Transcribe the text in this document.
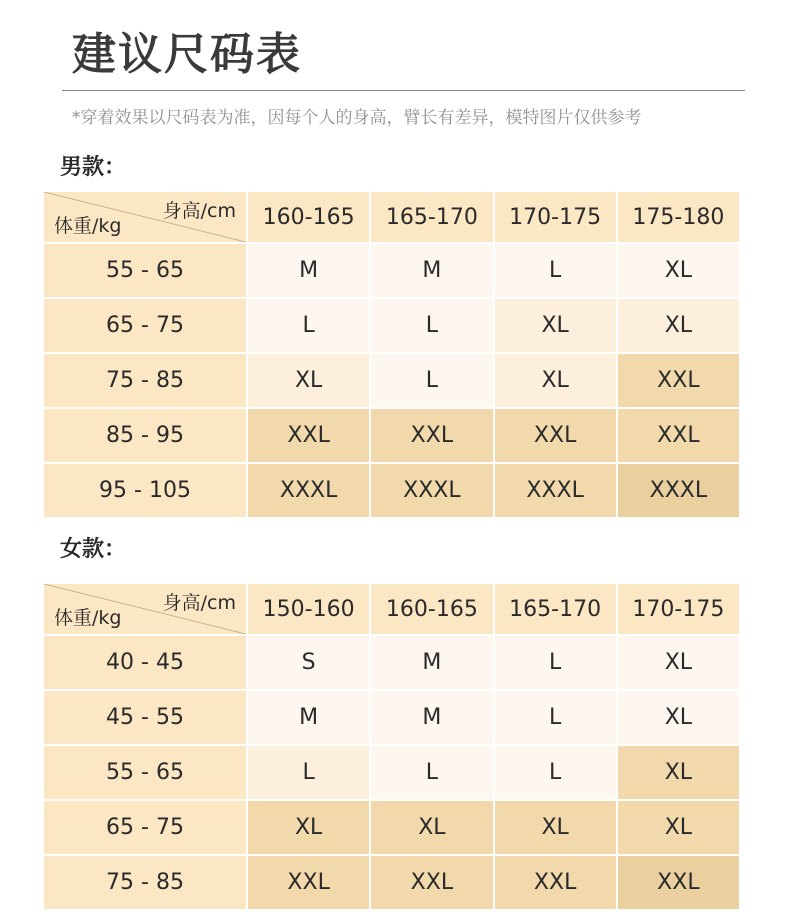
建议尺码表
*穿着效果以尺码表为准，因每个人的身高，臂长有差异，模特图片仅供参考
男款：
身高/cm
体重/kg	160-165	165-170	170-175	175-180
55 - 65	M	M	L	XL
65 - 75	L	L	XL	XL
75 - 85	XL	L	XL	XXL
85 - 95	XXL	XXL	XXL	XXL
95 - 105	XXXL	XXXL	XXXL	XXXL
女款：
身高/cm
体重/kg	150-160	160-165	165-170	170-175
40 - 45	S	M	L	XL
45 - 55	M	M	L	XL
55 - 65	L	L	L	XL
65 - 75	XL	XL	XL	XL
75 - 85	XXL	XXL	XXL	XXL
